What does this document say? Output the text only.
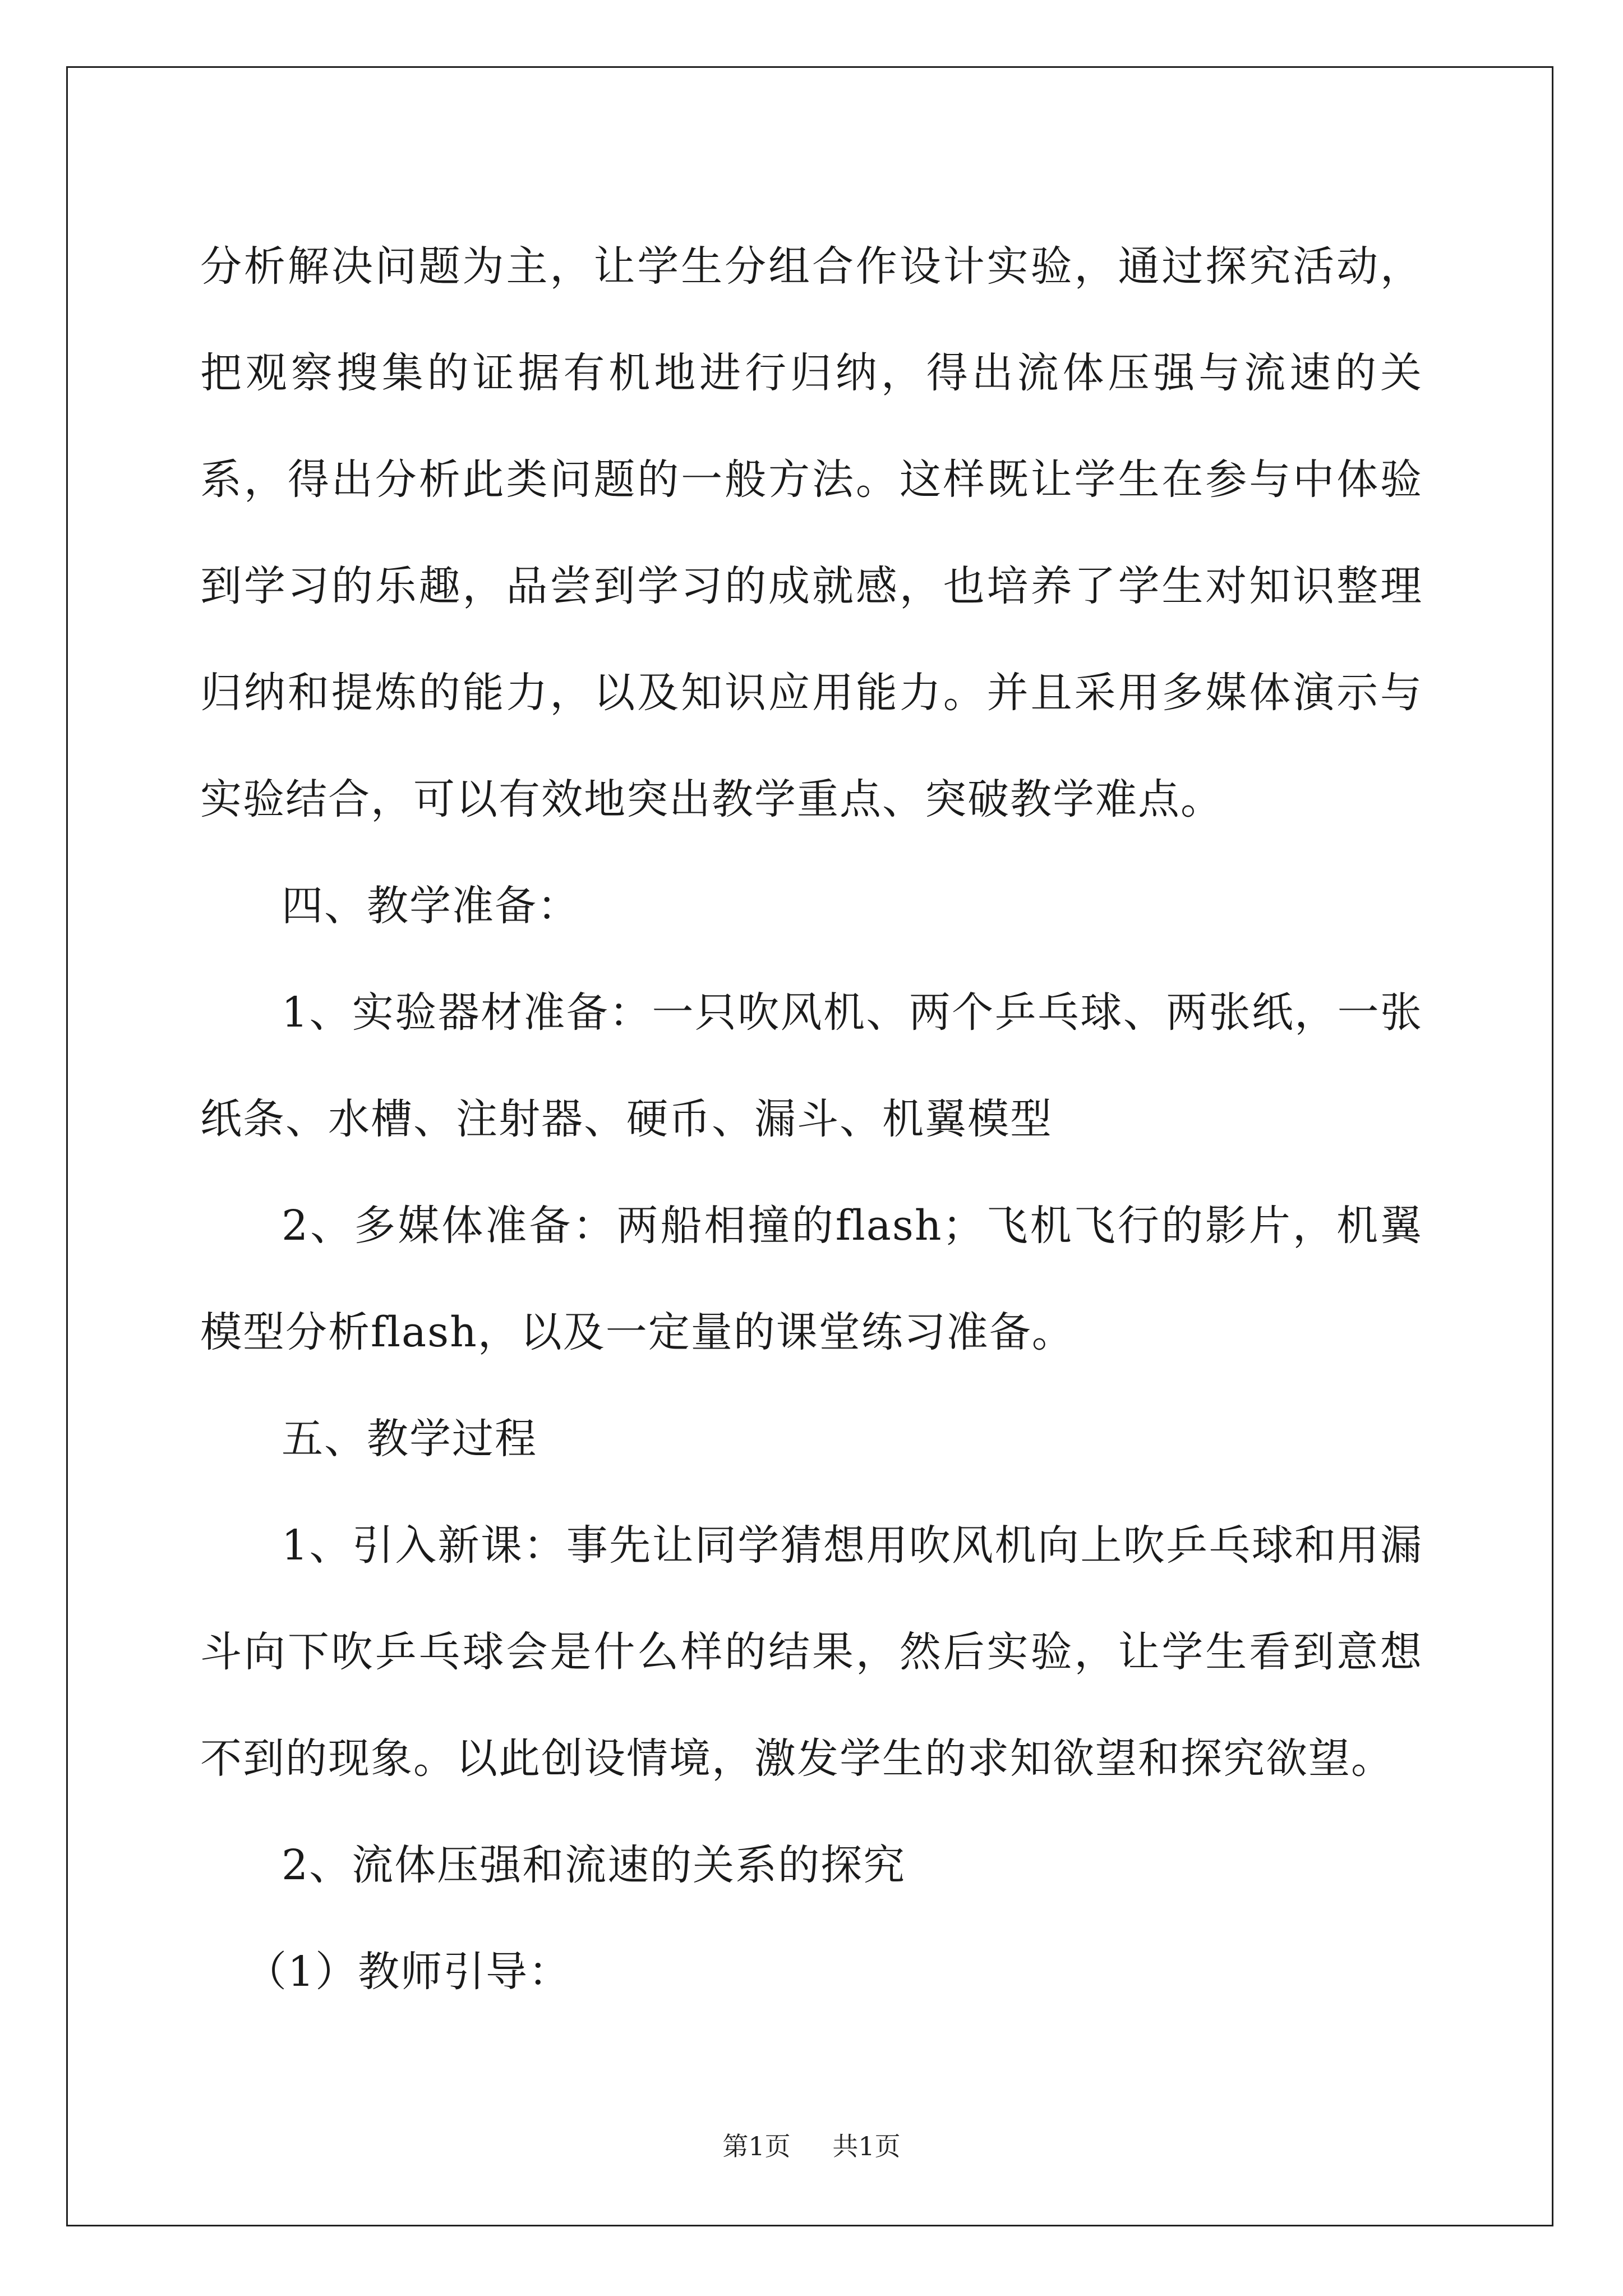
分析解决问题为主，让学生分组合作设计实验，通过探究活动，把观察搜集的证据有机地进行归纳，得出流体压强与流速的关系，得出分析此类问题的一般方法。这样既让学生在参与中体验到学习的乐趣，品尝到学习的成就感，也培养了学生对知识整理归纳和提炼的能力，以及知识应用能力。并且采用多媒体演示与实验结合，可以有效地突出教学重点、突破教学难点。

四、教学准备：

1、实验器材准备：一只吹风机、两个乒乓球、两张纸，一张纸条、水槽、注射器、硬币、漏斗、机翼模型

2、多媒体准备：两船相撞的flash；飞机飞行的影片，机翼模型分析flash，以及一定量的课堂练习准备。

五、教学过程

1、引入新课：事先让同学猜想用吹风机向上吹乒乓球和用漏斗向下吹乒乓球会是什么样的结果，然后实验，让学生看到意想不到的现象。以此创设情境，激发学生的求知欲望和探究欲望。

2、流体压强和流速的关系的探究

（1）教师引导：

第1页 共1页
